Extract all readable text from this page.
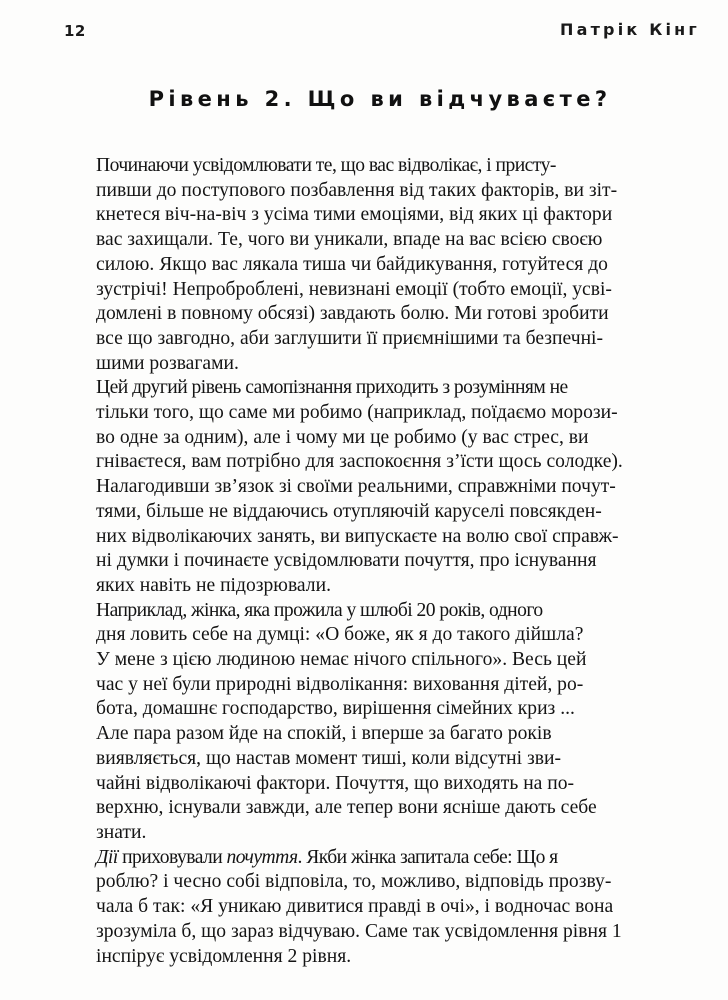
12	Патрік Кінг
Рівень 2. Що ви відчуваєте?

Починаючи усвідомлювати те, що вас відволікає, і присту-
пивши до поступового позбавлення від таких факторів, ви зіт-
кнетеся віч-на-віч з усіма тими емоціями, від яких ці фактори
вас захищали. Те, чого ви уникали, впаде на вас всією своєю
силою. Якщо вас лякала тиша чи байдикування, готуйтеся до
зустрічі! Непроброблені, невизнані емоції (тобто емоції, усві-
домлені в повному обсязі) завдають болю. Ми готові зробити
все що завгодно, аби заглушити її приємнішими та безпечні-
шими розвагами.

Цей другий рівень самопізнання приходить з розумінням не
тільки того, що саме ми робимо (наприклад, поїдаємо морози-
во одне за одним), але і чому ми це робимо (у вас стрес, ви
гніваєтеся, вам потрібно для заспокоєння з’їсти щось солодке).
Налагодивши зв’язок зі своїми реальними, справжніми почут-
тями, більше не віддаючись отупляючій каруселі повсякден-
них відволікаючих занять, ви випускаєте на волю свої справж-
ні думки і починаєте усвідомлювати почуття, про існування
яких навіть не підозрювали.

Наприклад, жінка, яка прожила у шлюбі 20 років, одного
дня ловить себе на думці: «О боже, як я до такого дійшла?
У мене з цією людиною немає нічого спільного». Весь цей
час у неї були природні відволікання: виховання дітей, ро-
бота, домашнє господарство, вирішення сімейних криз ...
Але пара разом йде на спокій, і вперше за багато років
виявляється, що настав момент тиші, коли відсутні зви-
чайні відволікаючі фактори. Почуття, що виходять на по-
верхню, існували завжди, але тепер вони ясніше дають себе
знати.

Дії приховували почуття. Якби жінка запитала себе: Що я
роблю? і чесно собі відповіла, то, можливо, відповідь прозву-
чала б так: «Я уникаю дивитися правді в очі», і водночас вона
зрозуміла б, що зараз відчуваю. Саме так усвідомлення рівня 1
інспірує усвідомлення 2 рівня.
